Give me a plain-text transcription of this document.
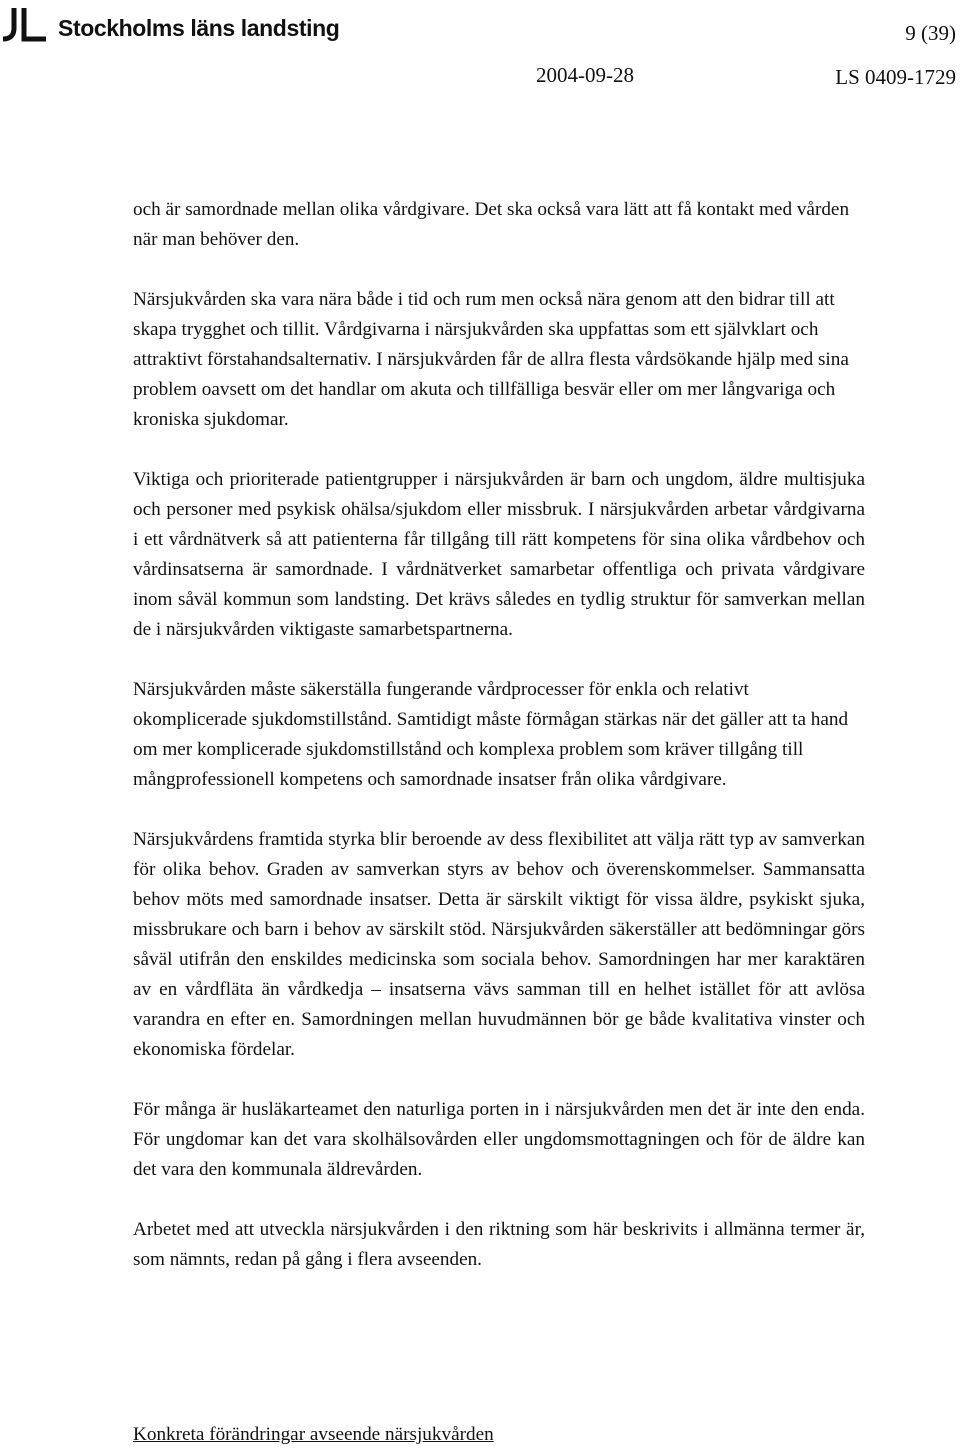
Stockholms läns landsting	9 (39)
2004-09-28	LS 0409-1729

och är samordnade mellan olika vårdgivare. Det ska också vara lätt att få kontakt med vården när man behöver den.

Närsjukvården ska vara nära både i tid och rum men också nära genom att den bidrar till att skapa trygghet och tillit. Vårdgivarna i närsjukvården ska uppfattas som ett självklart och attraktivt förstahandsalternativ. I närsjukvården får de allra flesta vårdsökande hjälp med sina problem oavsett om det handlar om akuta och tillfälliga besvär eller om mer långvariga och kroniska sjukdomar.

Viktiga och prioriterade patientgrupper i närsjukvården är barn och ungdom, äldre multisjuka och personer med psykisk ohälsa/sjukdom eller missbruk. I närsjukvården arbetar vårdgivarna i ett vårdnätverk så att patienterna får tillgång till rätt kompetens för sina olika vårdbehov och vårdinsatserna är samordnade. I vårdnätverket samarbetar offentliga och privata vårdgivare inom såväl kommun som landsting. Det krävs således en tydlig struktur för samverkan mellan de i närsjukvården viktigaste samarbetspartnerna.

Närsjukvården måste säkerställa fungerande vårdprocesser för enkla och relativt okomplicerade sjukdomstillstånd. Samtidigt måste förmågan stärkas när det gäller att ta hand om mer komplicerade sjukdomstillstånd och komplexa problem som kräver tillgång till mångprofessionell kompetens och samordnade insatser från olika vårdgivare.

Närsjukvårdens framtida styrka blir beroende av dess flexibilitet att välja rätt typ av samverkan för olika behov. Graden av samverkan styrs av behov och överenskommelser. Sammansatta behov möts med samordnade insatser. Detta är särskilt viktigt för vissa äldre, psykiskt sjuka, missbrukare och barn i behov av särskilt stöd. Närsjukvården säkerställer att bedömningar görs såväl utifrån den enskildes medicinska som sociala behov. Samordningen har mer karaktären av en vårdfläta än vårdkedja – insatserna vävs samman till en helhet istället för att avlösa varandra en efter en. Samordningen mellan huvudmännen bör ge både kvalitativa vinster och ekonomiska fördelar.

För många är husläkarteamet den naturliga porten in i närsjukvården men det är inte den enda. För ungdomar kan det vara skolhälsovården eller ungdomsmottagningen och för de äldre kan det vara den kommunala äldrevården.

Arbetet med att utveckla närsjukvården i den riktning som här beskrivits i allmänna termer är, som nämnts, redan på gång i flera avseenden.

Konkreta förändringar avseende närsjukvården
